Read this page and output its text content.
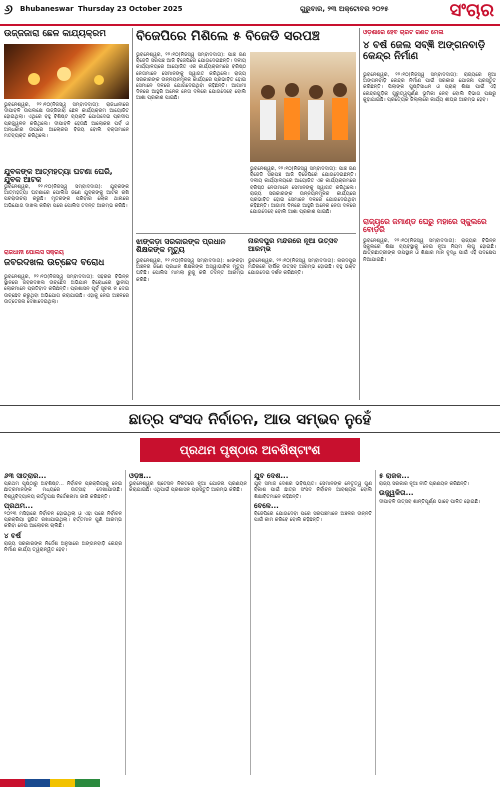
୬ Bhubaneswar Thursday 23 October 2025	ଗୁରୁବାର, ୨୩ ଅକ୍ଟୋବର ୨୦୨୫	ସଂଚାର
ଉଜ୍ଜିଜାରା ଛେଳ କାର୍ଯ୍ୟକ୍ରମ
ଭୁବନେଶ୍ୱର, ୨୨।୧୦(ନିଜସ୍ୱ ସମ୍ବାଦଦାତା): ରାଜଧାନୀରେ ଦୀପାବଳି ଉପଲକ୍ଷେ ଉଜ୍ଜିଜାରା ଛେଳ କାର୍ଯ୍ୟକ୍ରମ ଆୟୋଜିତ ହୋଇଥିଲା। ଏଥିରେ ବହୁ ବିଶିଷ୍ଟ ବ୍ୟକ୍ତି ଯୋଗଦେଇ ପ୍ରଦୀପ ପ୍ରଜ୍ଜ୍ୱଳନ କରିଥିଲେ। ଦୀପାବଳି ହେଉଛି ଆଲୋକର ପର୍ବ ଓ ଅନ୍ଧକାର ଉପରେ ଆଲୋକର ବିଜୟ ବୋଲି ବକ୍ତାମାନେ ମତବ୍ୟକ୍ତ କରିଥିଲେ।
ଯୁବକଙ୍କ ଆତ୍ମହତ୍ୟା ଘଟଣା ଘେରି, ଯୁବକ ଆଟକ
ଭୁବନେଶ୍ୱର, ୨୨।୧୦(ନିଜସ୍ୱ ସମ୍ବାଦଦାତା): ଯୁବକଙ୍କ ଆତ୍ମହତ୍ୟା ଘଟଣାରେ ପୋଲିସ ଜଣେ ଯୁବକଙ୍କୁ ଆଟକ ରଖି ପଚରାଉଚରା କରୁଛି। ମୃତକଙ୍କ ପରିବାର ଲୋକ ଥାନାରେ ଅଭିଯୋଗ ଦାଖଲ କରିବା ପରେ ପୋଲିସ ତଦନ୍ତ ଆରମ୍ଭ କରିଛି।
ରାଜଧାନୀ ପୋଲିସ ସକ୍ରିୟ
ଜବରଦଖଲ ଉଚ୍ଛେଦ ବିରୋଧ
ଭୁବନେଶ୍ୱର, ୨୨।୧୦(ନିଜସ୍ୱ ସମ୍ବାଦଦାତା): ସହରର ବିଭିନ୍ନ ସ୍ଥାନରେ ଜବରଦଖଲ ଉଚ୍ଛେଦ ଅଭିଯାନ ବିରୋଧରେ ସ୍ଥାନୀୟ ଲୋକମାନେ ପ୍ରତିବାଦ କରିଛନ୍ତି। ପ୍ରଶାସନ ପୂର୍ବ ସୂଚନା ନ ଦେଇ ଉଚ୍ଛେଦ କରୁଥିବା ଅଭିଯୋଗ କରାଯାଇଛି। ଏହାକୁ ନେଇ ଅଞ୍ଚଳରେ ଉତ୍ତେଜନା ଦେଖାଦେଇଥିଲା।
ବିଜେପିରେ ମିଶିଲେ ୫ ବିଜେଡି ସରପଞ୍ଚ
ଭୁବନେଶ୍ୱର, ୨୨।୧୦(ନିଜସ୍ୱ ସମ୍ବାଦଦାତା): ପାଞ୍ଚ ଜଣ ବିଜେଡି ସରପଞ୍ଚ ଆଜି ବିଜେପିରେ ଯୋଗଦେଇଛନ୍ତି। ଦଳୀୟ କାର୍ଯ୍ୟାଳୟରେ ଆୟୋଜିତ ଏକ କାର୍ଯ୍ୟକ୍ରମରେ ବରିଷ୍ଠ ନେତାମାନେ ସେମାନଙ୍କୁ ସ୍ୱାଗତ କରିଥିଲେ। ରାଜ୍ୟ ସରକାରଙ୍କ ଉନ୍ନୟନମୂଳକ କାର୍ଯ୍ୟରେ ପ୍ରଭାବିତ ହୋଇ ସେମାନେ ଦଳରେ ଯୋଗଦେଇଥିବା କହିଛନ୍ତି। ଆଗାମୀ ଦିନରେ ଆହୁରି ଅନେକ ନେତା ଦଳରେ ଯୋଗଦେବେ ବୋଲି ଆଶା ପ୍ରକାଶ ପାଇଛି।
ଭୁବନେଶ୍ୱର, ୨୨।୧୦(ନିଜସ୍ୱ ସମ୍ବାଦଦାତା): ପାଞ୍ଚ ଜଣ ବିଜେଡି ସରପଞ୍ଚ ଆଜି ବିଜେପିରେ ଯୋଗଦେଇଛନ୍ତି। ଦଳୀୟ କାର୍ଯ୍ୟାଳୟରେ ଆୟୋଜିତ ଏକ କାର୍ଯ୍ୟକ୍ରମରେ ବରିଷ୍ଠ ନେତାମାନେ ସେମାନଙ୍କୁ ସ୍ୱାଗତ କରିଥିଲେ। ରାଜ୍ୟ ସରକାରଙ୍କ ଉନ୍ନୟନମୂଳକ କାର୍ଯ୍ୟରେ ପ୍ରଭାବିତ ହୋଇ ସେମାନେ ଦଳରେ ଯୋଗଦେଇଥିବା କହିଛନ୍ତି। ଆଗାମୀ ଦିନରେ ଆହୁରି ଅନେକ ନେତା ଦଳରେ ଯୋଗଦେବେ ବୋଲି ଆଶା ପ୍ରକାଶ ପାଇଛି।
ଝାଙ୍କଡ଼ା ସରକାରଙ୍କ ପ୍ରଧାନ ଶିକ୍ଷକଙ୍କ ମୃତ୍ୟୁ
ଭୁବନେଶ୍ୱର, ୨୨।୧୦(ନିଜସ୍ୱ ସମ୍ବାଦଦାତା): ଝାଙ୍କଡ଼ା ଅଞ୍ଚଳର ଜଣେ ପ୍ରଧାନ ଶିକ୍ଷକଙ୍କ ଅସ୍ୱାଭାବିକ ମୃତ୍ୟୁ ଘଟିଛି। ପୋଲିସ ମାମଲା ରୁଜୁ କରି ତଦନ୍ତ ଆରମ୍ଭ କରିଛି।
ନାରଦପୁର ମନ୍ଦିରରେ ନୂଆ ଉତ୍ସବ ଆରମ୍ଭ
ଭୁବନେଶ୍ୱର, ୨୨।୧୦(ନିଜସ୍ୱ ସମ୍ବାଦଦାତା): ନାରଦପୁର ମନ୍ଦିରରେ ବାର୍ଷିକ ଉତ୍ସବ ଆରମ୍ଭ ହୋଇଛି। ବହୁ ଭକ୍ତ ଯୋଗଦେଇ ଦର୍ଶନ କରିଛନ୍ତି।
ଓଡ଼ିଶାରେ ହେବ ଚାରିଟି ଗଣିତ ମେଳା
୪ ବର୍ଷ ଜେଲ ସବ୍‌ଜ୍ଞି ଅଙ୍ଗନବାଡ଼ି କେନ୍ଦ୍ର ନିର୍ମାଣ
ଭୁବନେଶ୍ୱର, ୨୨।୧୦(ନିଜସ୍ୱ ସମ୍ବାଦଦାତା): ରାଜ୍ୟରେ ନୂଆ ଅଙ୍ଗନବାଡ଼ି କେନ୍ଦ୍ର ନିର୍ମାଣ ପାଇଁ ସରକାର ଯୋଜନା ପ୍ରସ୍ତୁତ କରିଛନ୍ତି। ପିଲାଙ୍କ ପୁଷ୍ଟିସାଧନ ଓ ପ୍ରାକ୍‌ ଶିକ୍ଷା ପାଇଁ ଏହି କେନ୍ଦ୍ରଗୁଡ଼ିକ ଗୁରୁତ୍ୱପୂର୍ଣ୍ଣ ଭୂମିକା ନେବ ବୋଲି ବିଭାଗ ପକ୍ଷରୁ କୁହାଯାଇଛି। ପ୍ରତ୍ୟେକ ଜିଲ୍ଲାରେ କାର୍ଯ୍ୟ ଶୀଘ୍ର ଆରମ୍ଭ ହେବ।
ରାଜ୍ୟରେ ଜମାଣ୍ଡ ଘେରୁ ମହାରେ ସ୍କୁଲରେ ବୋର୍ଡ଼ରି
ଭୁବନେଶ୍ୱର, ୨୨।୧୦(ନିଜସ୍ୱ ସମ୍ବାଦଦାତା): ରାଜ୍ୟର ବିଭିନ୍ନ ସ୍କୁଲରେ ଶିକ୍ଷା ବ୍ୟବସ୍ଥାକୁ ନେଇ ନୂଆ ନିୟମ ଲାଗୁ ହୋଇଛି। ଛାତ୍ରଛାତ୍ରୀଙ୍କ ଉପସ୍ଥାନ ଓ ଶିକ୍ଷାର ମାନ ବୃଦ୍ଧି ପାଇଁ ଏହି ପଦକ୍ଷେପ ନିଆଯାଇଛି।
ଛାତ୍ର ସଂସଦ ନିର୍ବାଚନ, ଆଉ ସମ୍ଭବ ନୁହେଁ
ପ୍ରଥମ ପୃଷ୍ଠାର ଅବଶିଷ୍ଟାଂଶ
୬୩ ସାତ୍ରାର...
ପ୍ରଥମ ପୃଷ୍ଠାରୁ ଅବଶିଷ୍ଟ... ନିର୍ବାଚନ ପ୍ରକ୍ରିୟାକୁ ନେଇ ଛାତ୍ରମାନଙ୍କ ମଧ୍ୟରେ ଉତ୍ସାହ ଦେଖାଯାଉଛି। ବିଶ୍ୱବିଦ୍ୟାଳୟ କର୍ତ୍ତୃପକ୍ଷ ନିର୍ଦ୍ଦେଶନାମା ଜାରି କରିଛନ୍ତି।
ପ୍ରଥମ...
୨୦୨୩ ମସିହାରେ ନିର୍ବାଚନ ହୋଇଥିଲା ଓ ଏହା ପରେ ନିର୍ବାଚନ ପ୍ରକ୍ରିୟା ସ୍ଥଗିତ ରଖାଯାଇଥିଲା। ବର୍ତ୍ତମାନ ପୁଣି ଆରମ୍ଭ କରିବା ନେଇ ଆଲୋଚନା ଚାଲିଛି।
୪ ବର୍ଷ
ରାଜ୍ୟ ସରକାରଙ୍କ ନିର୍ଦ୍ଦେଶ ଅନୁସାରେ ଅଙ୍ଗନବାଡ଼ି କେନ୍ଦ୍ର ନିର୍ମାଣ କାର୍ଯ୍ୟ ତ୍ୱରାନ୍ୱିତ ହେବ।
ଓଡ଼ଞ୍ଚ...
ଭୁବନେଶ୍ୱର ଷ୍ଟେସନ ନିକଟରେ ନୂଆ ଯୋଜନା ପ୍ରଣୟନ କରାଯାଇଛି। ଏଥିପାଇଁ ପ୍ରଶାସନ ପ୍ରସ୍ତୁତି ଆରମ୍ଭ କରିଛି।
ଯୁବ ଦେଶ...
ଯୁବ ସମାଜ ଦେଶର ଭବିଷ୍ୟତ। ସେମାନଙ୍କ ନେତୃତ୍ୱ ଗୁଣ ବିକାଶ ପାଇଁ ଛାତ୍ର ସଂସଦ ନିର୍ବାଚନ ଆବଶ୍ୟକ ବୋଲି ଶିକ୍ଷାବିତମାନେ କହିଛନ୍ତି।
ବେଳେ...
ବିଜେପିରେ ଯୋଗଦେବା ପରେ ସରପଞ୍ଚମାନେ ଅଞ୍ଚଳର ଉନ୍ନତି ପାଇଁ କାମ କରିବେ ବୋଲି କହିଛନ୍ତି।
୫ ରାଜକ...
ରାଜ୍ୟ ସରକାର ନୂଆ ନୀତି ପ୍ରଣୟନ କରିଛନ୍ତି।
ଉଜ୍ଜ୍ୱଳିତା...
ଦୀପାବଳି ଉତ୍ସବ ଶାନ୍ତିପୂର୍ଣ୍ଣ ଭାବେ ପାଳିତ ହୋଇଛି।
